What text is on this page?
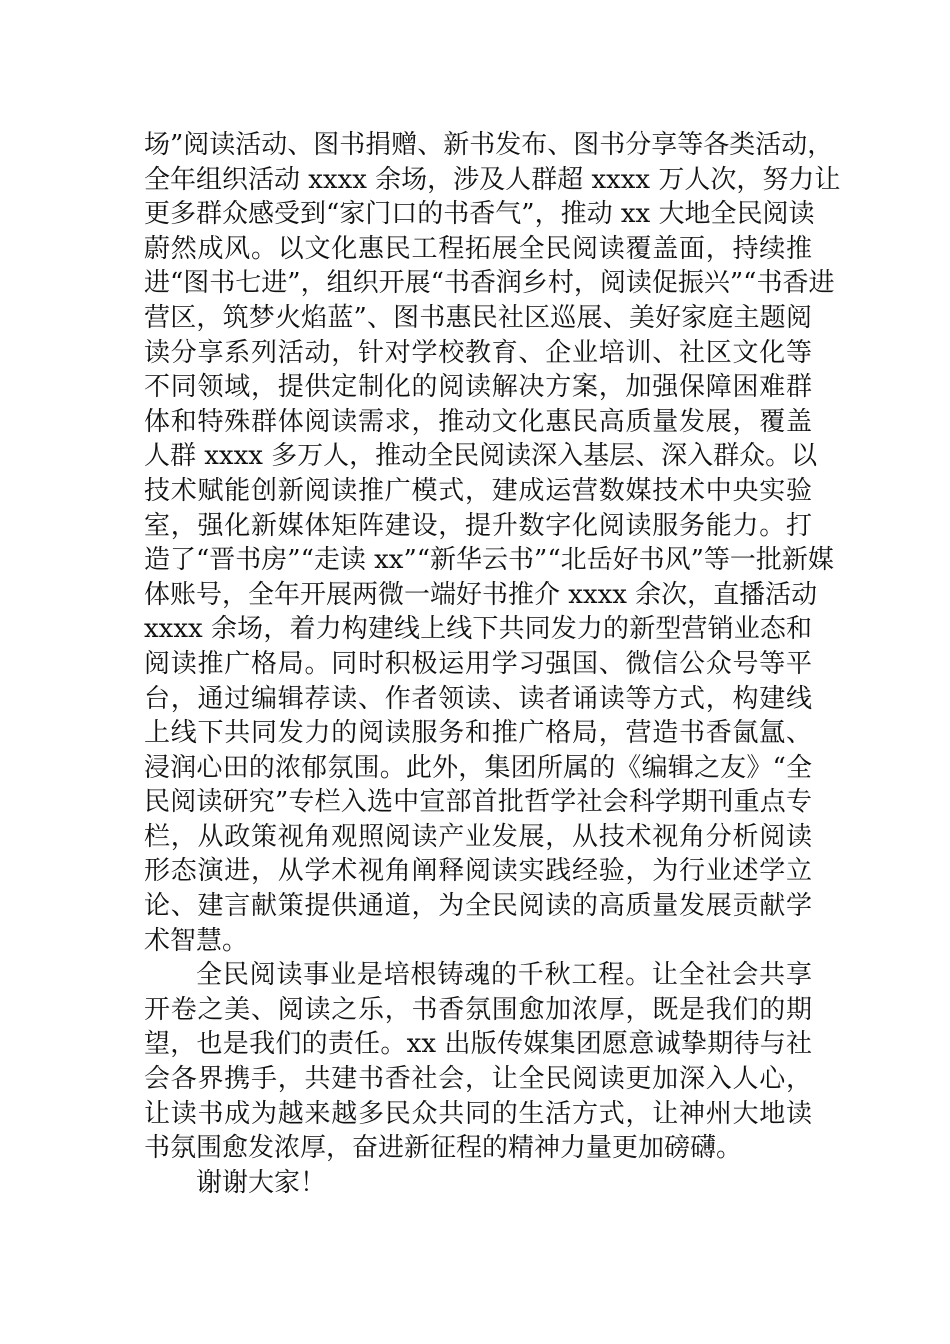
场”阅读活动、图书捐赠、新书发布、图书分享等各类活动，
全年组织活动 xxxx 余场，涉及人群超 xxxx 万人次，努力让
更多群众感受到“家门口的书香气”，推动 xx 大地全民阅读
蔚然成风。以文化惠民工程拓展全民阅读覆盖面，持续推
进“图书七进”，组织开展“书香润乡村，阅读促振兴”“书香进
营区，筑梦火焰蓝”、图书惠民社区巡展、美好家庭主题阅
读分享系列活动，针对学校教育、企业培训、社区文化等
不同领域，提供定制化的阅读解决方案，加强保障困难群
体和特殊群体阅读需求，推动文化惠民高质量发展，覆盖
人群 xxxx 多万人，推动全民阅读深入基层、深入群众。以
技术赋能创新阅读推广模式，建成运营数媒技术中央实验
室，强化新媒体矩阵建设，提升数字化阅读服务能力。打
造了“晋书房”“走读 xx”“新华云书”“北岳好书风”等一批新媒
体账号，全年开展两微一端好书推介 xxxx 余次，直播活动
xxxx 余场，着力构建线上线下共同发力的新型营销业态和
阅读推广格局。同时积极运用学习强国、微信公众号等平
台，通过编辑荐读、作者领读、读者诵读等方式，构建线
上线下共同发力的阅读服务和推广格局，营造书香氤氲、
浸润心田的浓郁氛围。此外，集团所属的《编辑之友》“全
民阅读研究”专栏入选中宣部首批哲学社会科学期刊重点专
栏，从政策视角观照阅读产业发展，从技术视角分析阅读
形态演进，从学术视角阐释阅读实践经验，为行业述学立
论、建言献策提供通道，为全民阅读的高质量发展贡献学
术智慧。
全民阅读事业是培根铸魂的千秋工程。让全社会共享
开卷之美、阅读之乐，书香氛围愈加浓厚，既是我们的期
望，也是我们的责任。xx 出版传媒集团愿意诚挚期待与社
会各界携手，共建书香社会，让全民阅读更加深入人心，
让读书成为越来越多民众共同的生活方式，让神州大地读
书氛围愈发浓厚，奋进新征程的精神力量更加磅礴。
谢谢大家！
